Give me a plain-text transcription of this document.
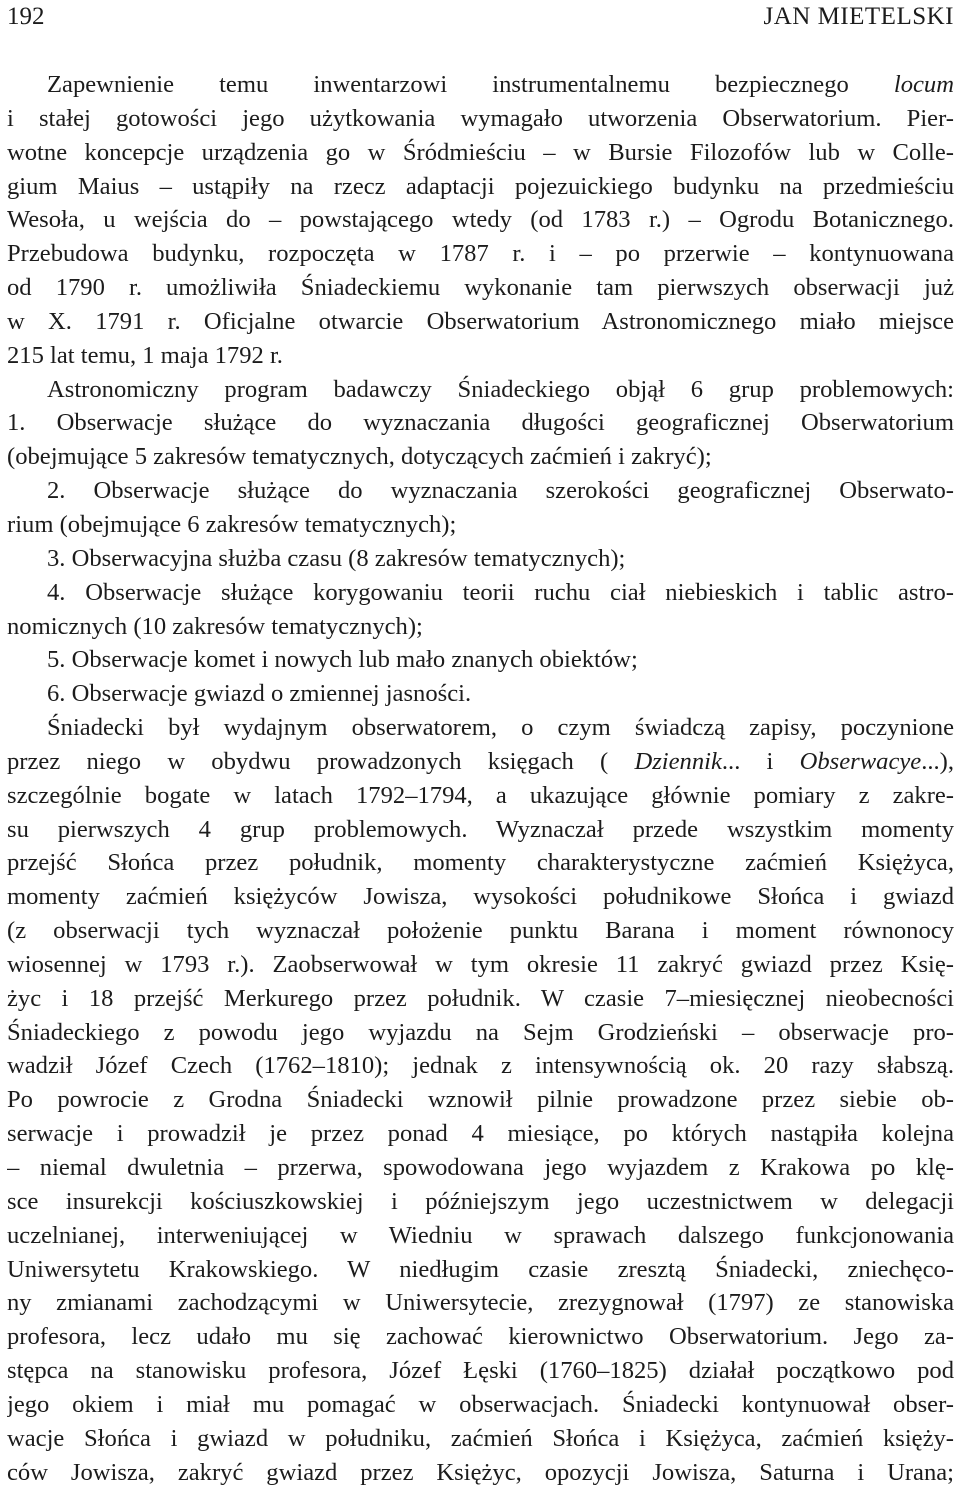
192	JAN MIETELSKI
Zapewnienie temu inwentarzowi instrumentalnemu bezpiecznego locum
i stałej gotowości jego użytkowania wymagało utworzenia Obserwatorium. Pier-
wotne koncepcje urządzenia go w Śródmieściu – w Bursie Filozofów lub w Colle-
gium Maius – ustąpiły na rzecz adaptacji pojezuickiego budynku na przedmieściu
Wesoła, u wejścia do – powstającego wtedy (od 1783 r.) – Ogrodu Botanicznego.
Przebudowa budynku, rozpoczęta w 1787 r. i – po przerwie – kontynuowana
od 1790 r. umożliwiła Śniadeckiemu wykonanie tam pierwszych obserwacji już
w X. 1791 r. Oficjalne otwarcie Obserwatorium Astronomicznego miało miejsce
215 lat temu, 1 maja 1792 r.
Astronomiczny program badawczy Śniadeckiego objął 6 grup problemowych:
1. Obserwacje służące do wyznaczania długości geograficznej Obserwatorium
(obejmujące 5 zakresów tematycznych, dotyczących zaćmień i zakryć);
2. Obserwacje służące do wyznaczania szerokości geograficznej Obserwato-
rium (obejmujące 6 zakresów tematycznych);
3. Obserwacyjna służba czasu (8 zakresów tematycznych);
4. Obserwacje służące korygowaniu teorii ruchu ciał niebieskich i tablic astro-
nomicznych (10 zakresów tematycznych);
5. Obserwacje komet i nowych lub mało znanych obiektów;
6. Obserwacje gwiazd o zmiennej jasności.
Śniadecki był wydajnym obserwatorem, o czym świadczą zapisy, poczynione
przez niego w obydwu prowadzonych księgach ( Dziennik... i Obserwacye...),
szczególnie bogate w latach 1792–1794, a ukazujące głównie pomiary z zakre-
su pierwszych 4 grup problemowych. Wyznaczał przede wszystkim momenty
przejść Słońca przez południk, momenty charakterystyczne zaćmień Księżyca,
momenty zaćmień księżyców Jowisza, wysokości południkowe Słońca i gwiazd
(z obserwacji tych wyznaczał położenie punktu Barana i moment równonocy
wiosennej w 1793 r.). Zaobserwował w tym okresie 11 zakryć gwiazd przez Księ-
życ i 18 przejść Merkurego przez południk. W czasie 7–miesięcznej nieobecności
Śniadeckiego z powodu jego wyjazdu na Sejm Grodzieński – obserwacje pro-
wadził Józef Czech (1762–1810); jednak z intensywnością ok. 20 razy słabszą.
Po powrocie z Grodna Śniadecki wznowił pilnie prowadzone przez siebie ob-
serwacje i prowadził je przez ponad 4 miesiące, po których nastąpiła kolejna
– niemal dwuletnia – przerwa, spowodowana jego wyjazdem z Krakowa po klę-
sce insurekcji kościuszkowskiej i późniejszym jego uczestnictwem w delegacji
uczelnianej, interweniującej w Wiedniu w sprawach dalszego funkcjonowania
Uniwersytetu Krakowskiego. W niedługim czasie zresztą Śniadecki, zniechęco-
ny zmianami zachodzącymi w Uniwersytecie, zrezygnował (1797) ze stanowiska
profesora, lecz udało mu się zachować kierownictwo Obserwatorium. Jego za-
stępca na stanowisku profesora, Józef Łęski (1760–1825) działał początkowo pod
jego okiem i miał mu pomagać w obserwacjach. Śniadecki kontynuował obser-
wacje Słońca i gwiazd w południku, zaćmień Słońca i Księżyca, zaćmień księży-
ców Jowisza, zakryć gwiazd przez Księżyc, opozycji Jowisza, Saturna i Urana;
